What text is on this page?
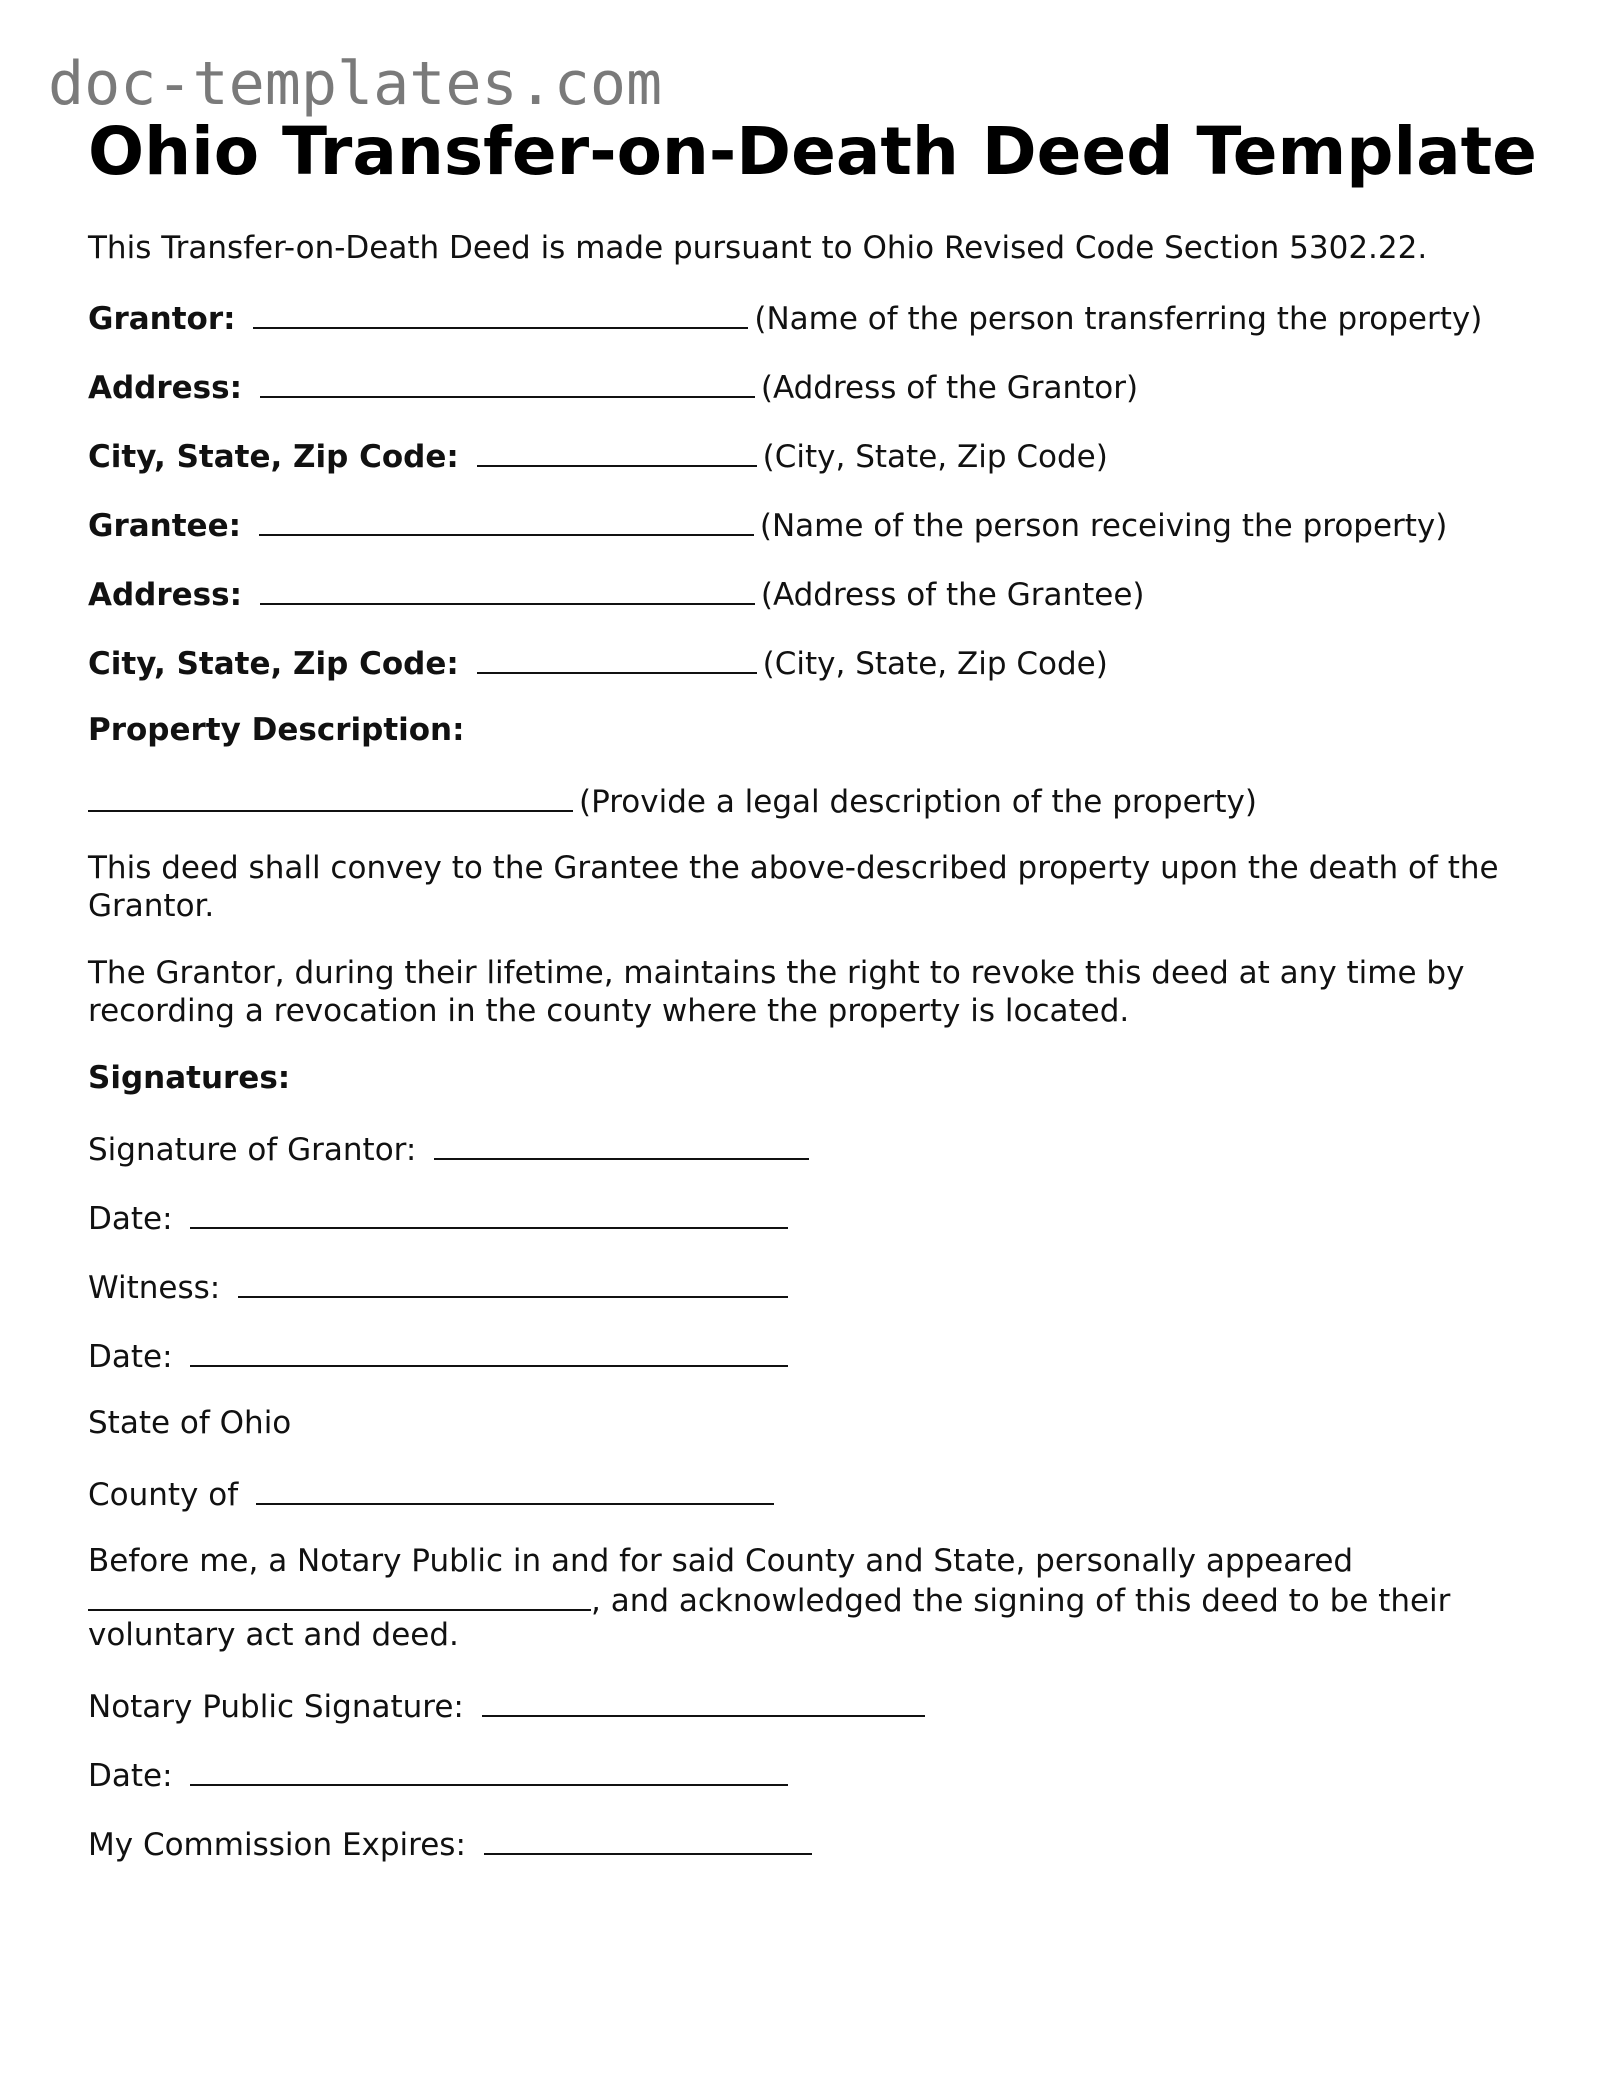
doc-templates.com
Ohio Transfer-on-Death Deed Template
This Transfer-on-Death Deed is made pursuant to Ohio Revised Code Section 5302.22.
Grantor:	(Name of the person transferring the property)
Address:	(Address of the Grantor)
City, State, Zip Code:	(City, State, Zip Code)
Grantee:	(Name of the person receiving the property)
Address:	(Address of the Grantee)
City, State, Zip Code:	(City, State, Zip Code)
Property Description:
(Provide a legal description of the property)
This deed shall convey to the Grantee the above-described property upon the death of the Grantor.
The Grantor, during their lifetime, maintains the right to revoke this deed at any time by recording a revocation in the county where the property is located.
Signatures:
Signature of Grantor:
Date:
Witness:
Date:
State of Ohio
County of
Before me, a Notary Public in and for said County and State, personally appeared
, and acknowledged the signing of this deed to be their
voluntary act and deed.
Notary Public Signature:
Date:
My Commission Expires:
